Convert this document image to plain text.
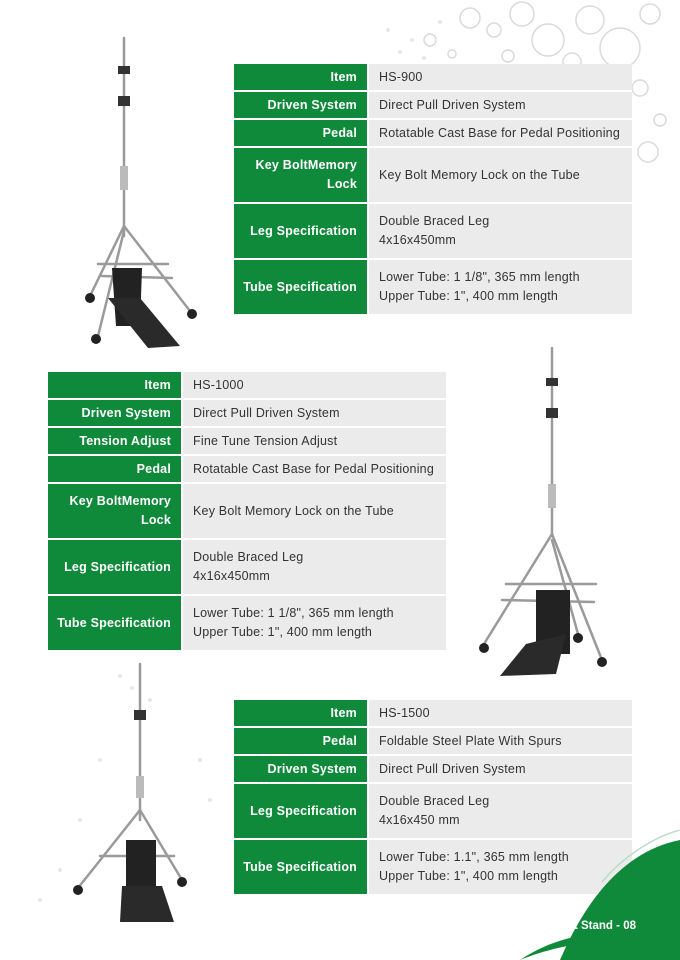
Item	HS-900

Driven System	Direct Pull Driven System

Pedal	Rotatable Cast Base for Pedal Positioning

Key BoltMemory Lock	Key Bolt Memory Lock on the Tube

Leg Specification	Double Braced Leg
4x16x450mm

Tube Specification	Lower Tube: 1 1/8", 365 mm length
Upper Tube: 1", 400 mm length
Item	HS-1000

Driven System	Direct Pull Driven System

Tension Adjust	Fine Tune Tension Adjust

Pedal	Rotatable Cast Base for Pedal Positioning

Key BoltMemory Lock	Key Bolt Memory Lock on the Tube

Leg Specification	Double Braced Leg
4x16x450mm

Tube Specification	Lower Tube: 1 1/8", 365 mm length
Upper Tube: 1", 400 mm length
Item	HS-1500

Pedal	Foldable Steel Plate With Spurs

Driven System	Direct Pull Driven System

Leg Specification	Double Braced Leg
4x16x450 mm

Tube Specification	Lower Tube: 1.1", 365 mm length
Upper Tube: 1", 400 mm length
- Hihat Stand - 08
